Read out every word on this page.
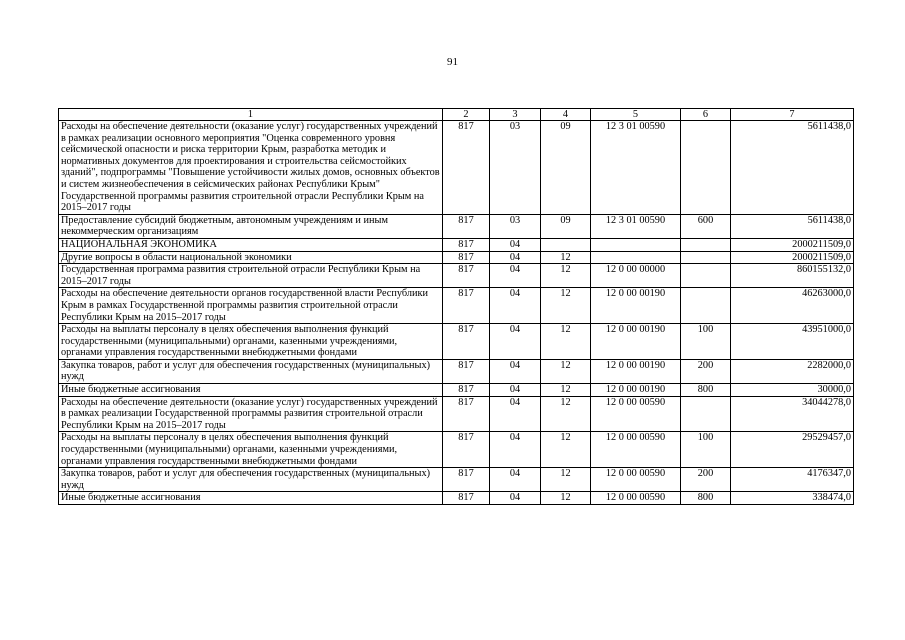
91
1	2	3	4	5	6	7
Расходы на обеспечение деятельности (оказание услуг) государственных учреждений в рамках реализации основного мероприятия "Оценка современного уровня сейсмической опасности и риска территории Крым, разработка методик и нормативных документов для проектирования и строительства сейсмостойких зданий", подпрограммы "Повышение устойчивости жилых домов, основных объектов и систем жизнеобеспечения в сейсмических районах Республики Крым" Государственной программы развития строительной отрасли Республики Крым на 2015–2017 годы	817	03	09	12 3 01 00590		5611438,0
Предоставление субсидий бюджетным, автономным учреждениям и иным некоммерческим организациям	817	03	09	12 3 01 00590	600	5611438,0
НАЦИОНАЛЬНАЯ ЭКОНОМИКА	817	04				2000211509,0
Другие вопросы в области национальной экономики	817	04	12			2000211509,0
Государственная программа развития строительной отрасли Республики Крым на 2015–2017 годы	817	04	12	12 0 00 00000		860155132,0
Расходы на обеспечение деятельности органов государственной власти Республики Крым в рамках Государственной программы развития строительной отрасли Республики Крым на 2015–2017 годы	817	04	12	12 0 00 00190		46263000,0
Расходы на выплаты персоналу в целях обеспечения выполнения функций государственными (муниципальными) органами, казенными учреждениями, органами управления государственными внебюджетными фондами	817	04	12	12 0 00 00190	100	43951000,0
Закупка товаров, работ и услуг для обеспечения государственных (муниципальных) нужд	817	04	12	12 0 00 00190	200	2282000,0
Иные бюджетные ассигнования	817	04	12	12 0 00 00190	800	30000,0
Расходы на обеспечение деятельности (оказание услуг) государственных учреждений в рамках реализации Государственной программы развития строительной отрасли Республики Крым на 2015–2017 годы	817	04	12	12 0 00 00590		34044278,0
Расходы на выплаты персоналу в целях обеспечения выполнения функций государственными (муниципальными) органами, казенными учреждениями, органами управления государственными внебюджетными фондами	817	04	12	12 0 00 00590	100	29529457,0
Закупка товаров, работ и услуг для обеспечения государственных (муниципальных) нужд	817	04	12	12 0 00 00590	200	4176347,0
Иные бюджетные ассигнования	817	04	12	12 0 00 00590	800	338474,0
